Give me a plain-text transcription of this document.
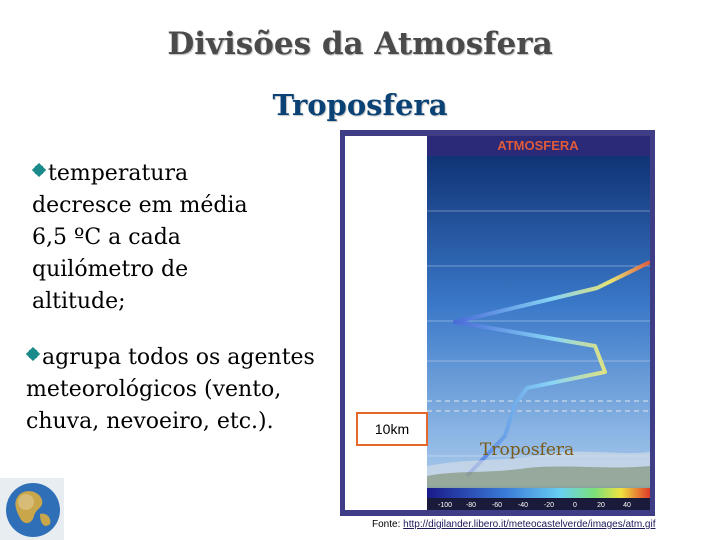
Divisões da Atmosfera
Troposfera
temperatura decresce em média 6,5 ºC a cada quilómetro de altitude;
agrupa todos os agentes meteorológicos (vento, chuva, nevoeiro, etc.).
ATMOSFERA
-100 -80 -60 -40 -20	0	20	40
10km
Troposfera
Fonte: http://digilander.libero.it/meteocastelverde/images/atm.gif
